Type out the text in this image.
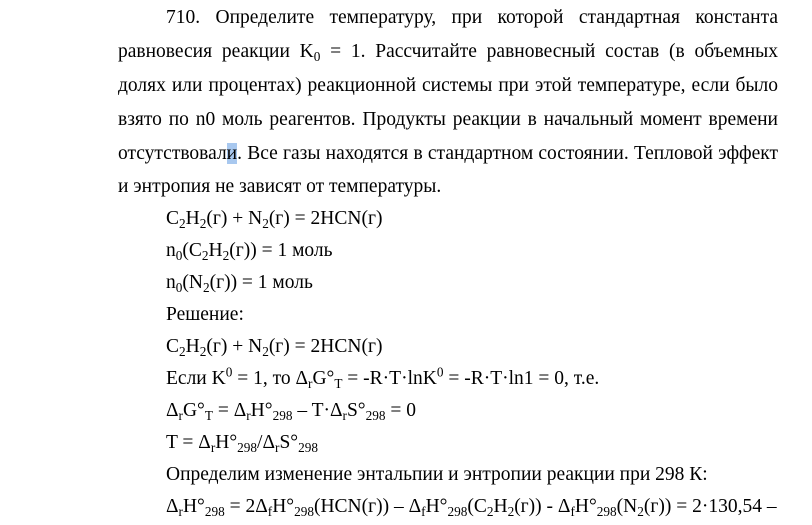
710. Определите температуру, при которой стандартная константа
равновесия реакции $K_0 = 1$. Рассчитайте равновесный состав (в объемных
долях или процентах) реакционной системы при этой температуре, если было
взято по n0 моль реагентов. Продукты реакции в начальный момент времени
отсутствовали. Все газы находятся в стандартном состоянии. Тепловой эффект
и энтропия не зависят от температуры.
$C_2H_2(г) + N_2(г) = 2HCN(г)$
$n_0(C_2H_2(г)) = 1$ моль
$n_0(N_2(г)) = 1$ моль
Решение:
$C_2H_2(г) + N_2(г) = 2HCN(г)$
Если $K^0 = 1$, то $\Delta_rG^\circ_T = -R\cdot T\cdot\ln K^0 = -R\cdot T\cdot\ln 1 = 0$, т.е.
$\Delta_rG^\circ_T = \Delta_rH^\circ_{298} - T\cdot\Delta_rS^\circ_{298} = 0$
$T = \Delta_rH^\circ_{298}/\Delta_rS^\circ_{298}$
Определим изменение энтальпии и энтропии реакции при 298 К:
$\Delta_rH^\circ_{298} = 2\Delta_fH^\circ_{298}(HCN(г)) - \Delta_fH^\circ_{298}(C_2H_2(г)) - \Delta_fH^\circ_{298}(N_2(г)) = 2\cdot 130,54$ –
